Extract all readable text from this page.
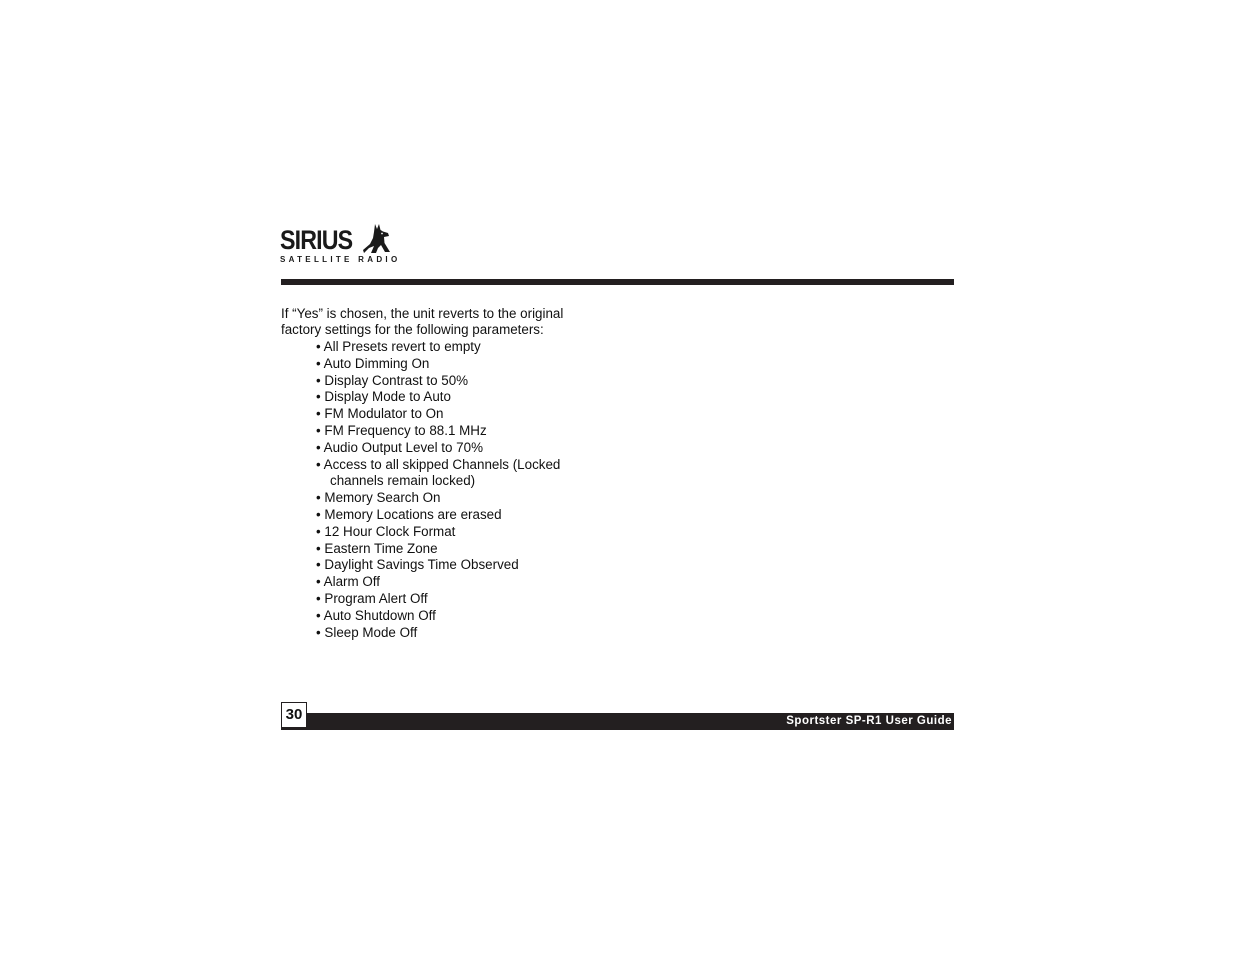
SIRIUS
SATELLITE RADIO

If “Yes” is chosen, the unit reverts to the original factory settings for the following parameters:

• All Presets revert to empty
• Auto Dimming On
• Display Contrast to 50%
• Display Mode to Auto
• FM Modulator to On
• FM Frequency to 88.1 MHz
• Audio Output Level to 70%
• Access to all skipped Channels (Locked
channels remain locked)
• Memory Search On
• Memory Locations are erased
• 12 Hour Clock Format
• Eastern Time Zone
• Daylight Savings Time Observed
• Alarm Off
• Program Alert Off
• Auto Shutdown Off
• Sleep Mode Off
Sportster SP-R1 User Guide
30
